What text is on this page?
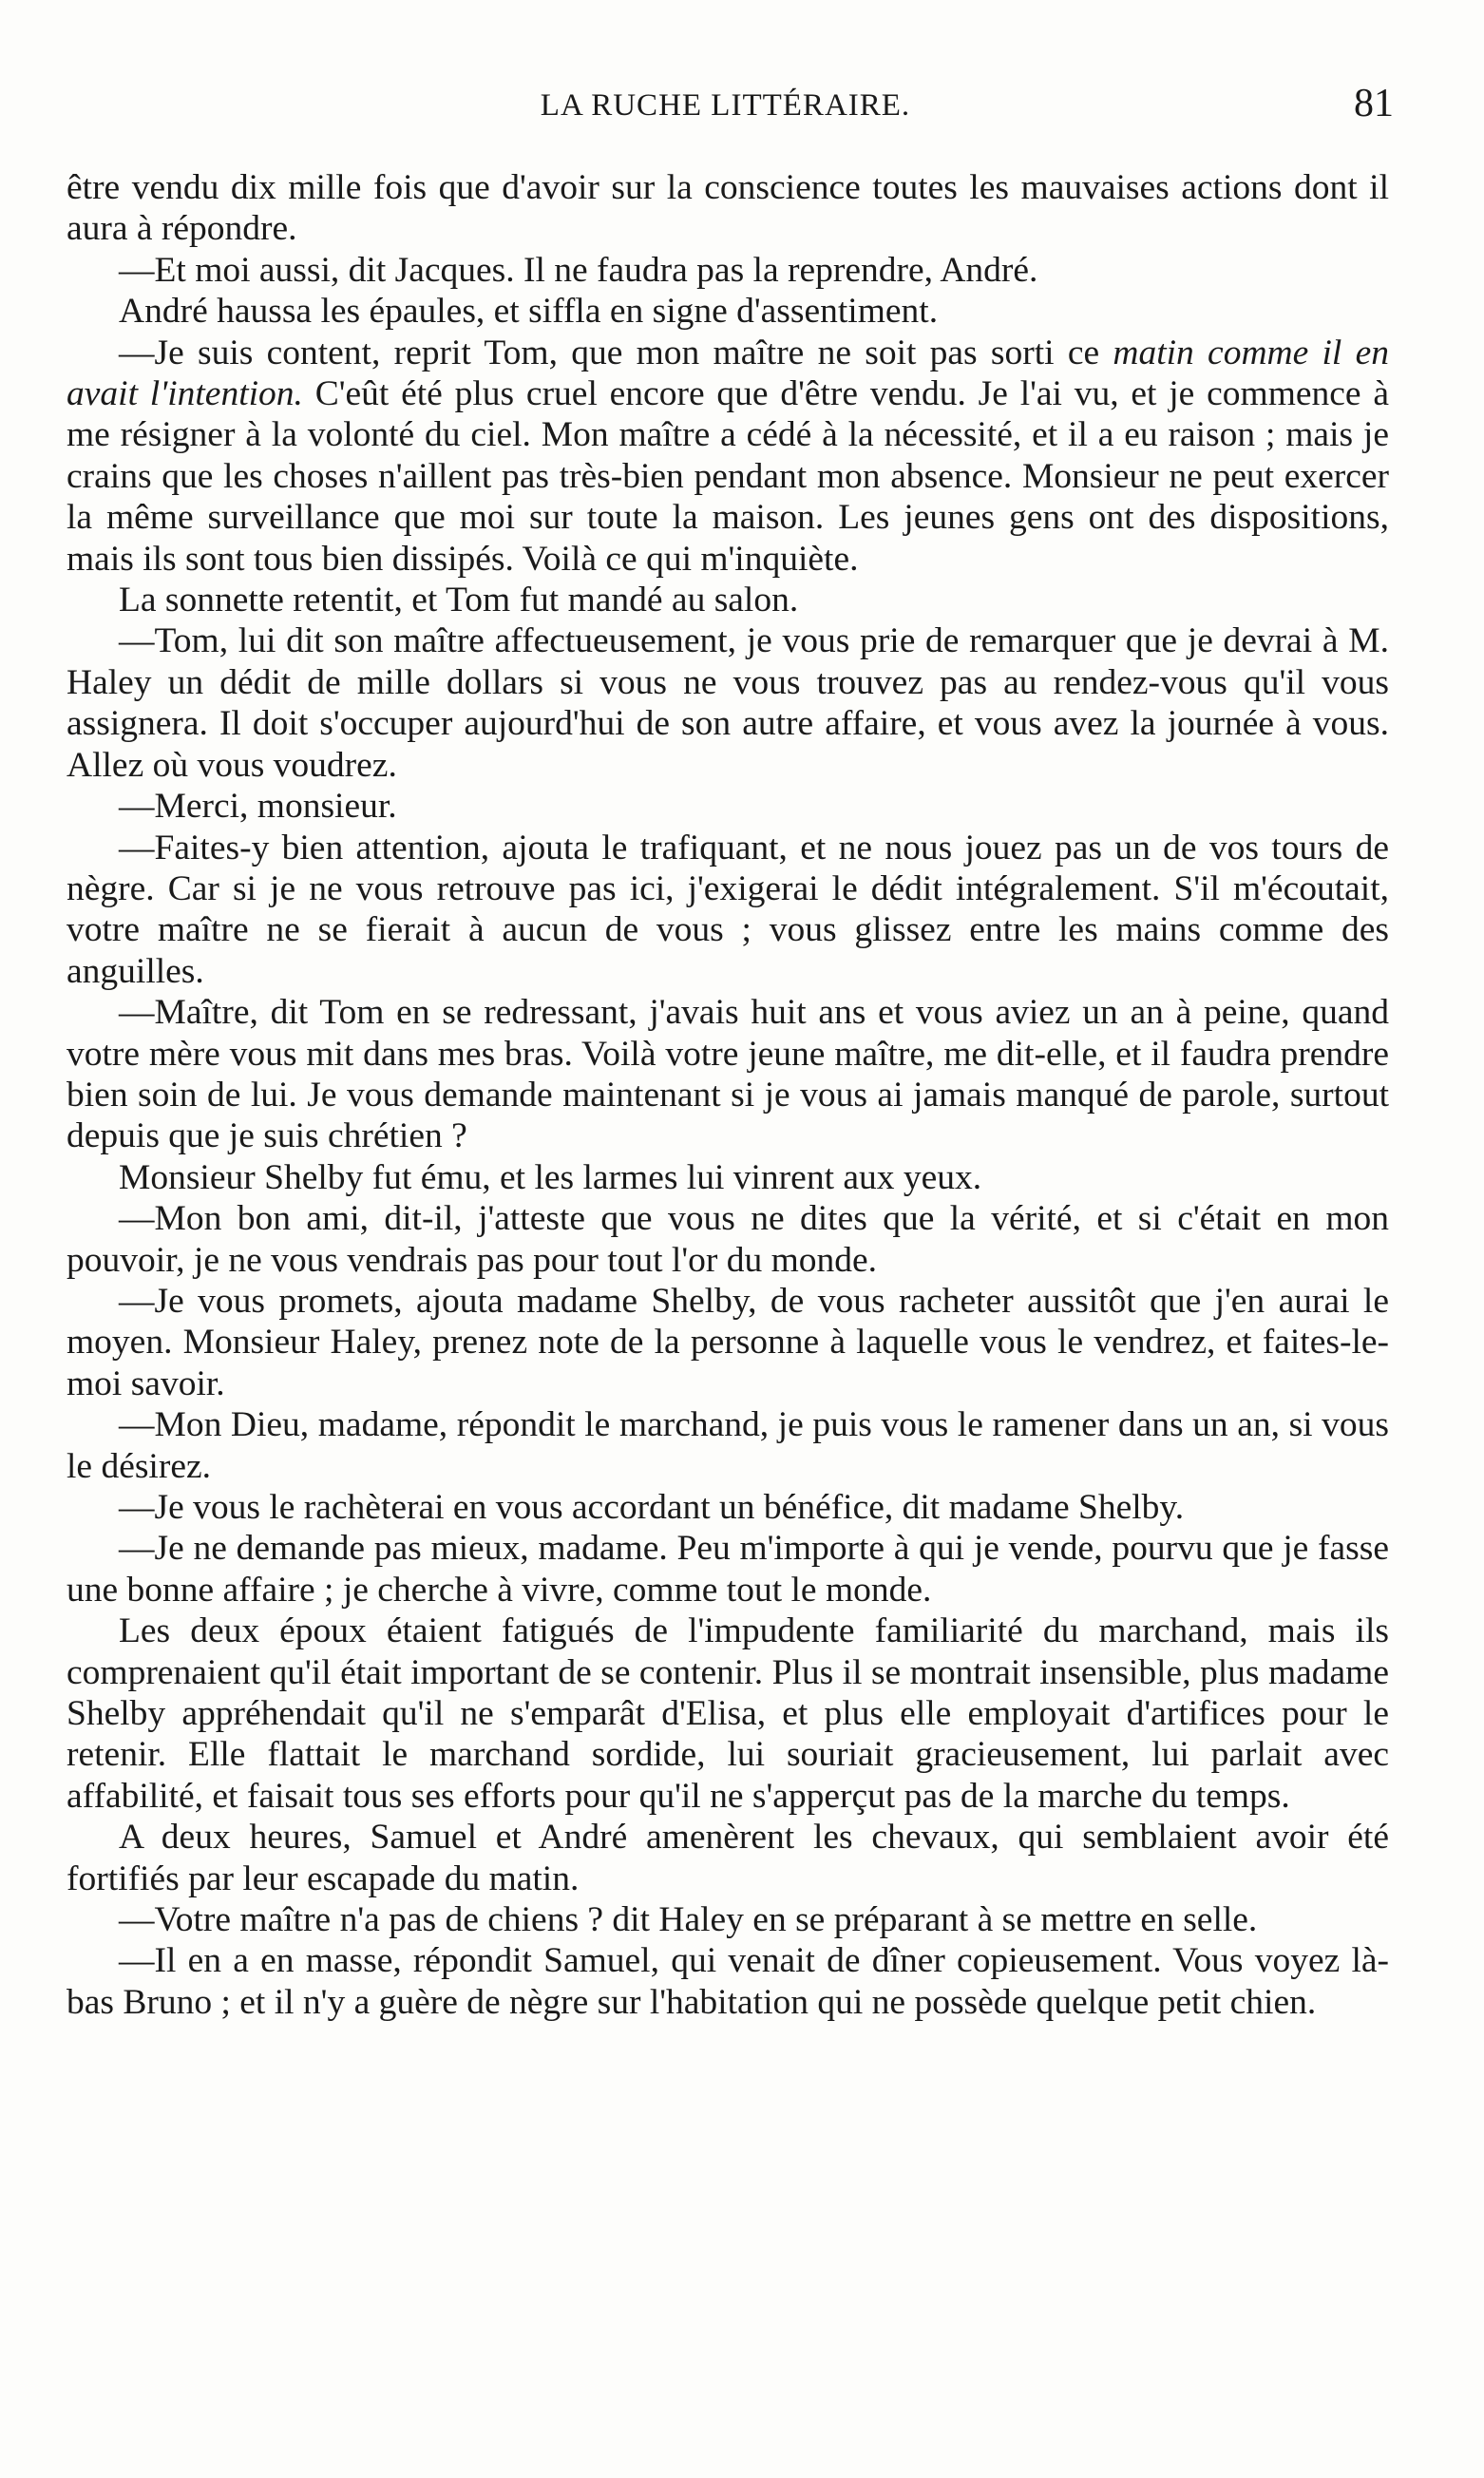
LA RUCHE LITTÉRAIRE.	81

être vendu dix mille fois que d'avoir sur la conscience toutes les mauvaises actions dont il aura à répondre.

—Et moi aussi, dit Jacques. Il ne faudra pas la reprendre, André.

André haussa les épaules, et siffla en signe d'assentiment.

—Je suis content, reprit Tom, que mon maître ne soit pas sorti ce matin comme il en avait l'intention. C'eût été plus cruel encore que d'être vendu. Je l'ai vu, et je commence à me résigner à la volonté du ciel. Mon maître a cédé à la nécessité, et il a eu raison ; mais je crains que les choses n'aillent pas très-bien pendant mon absence. Monsieur ne peut exercer la même surveillance que moi sur toute la maison. Les jeunes gens ont des dispositions, mais ils sont tous bien dissipés. Voilà ce qui m'inquiète.

La sonnette retentit, et Tom fut mandé au salon.

—Tom, lui dit son maître affectueusement, je vous prie de remarquer que je devrai à M. Haley un dédit de mille dollars si vous ne vous trouvez pas au rendez-vous qu'il vous assignera. Il doit s'occuper aujourd'hui de son autre affaire, et vous avez la journée à vous. Allez où vous voudrez.

—Merci, monsieur.

—Faites-y bien attention, ajouta le trafiquant, et ne nous jouez pas un de vos tours de nègre. Car si je ne vous retrouve pas ici, j'exigerai le dédit intégralement. S'il m'écoutait, votre maître ne se fierait à aucun de vous ; vous glissez entre les mains comme des anguilles.

—Maître, dit Tom en se redressant, j'avais huit ans et vous aviez un an à peine, quand votre mère vous mit dans mes bras. Voilà votre jeune maître, me dit-elle, et il faudra prendre bien soin de lui. Je vous demande maintenant si je vous ai jamais manqué de parole, surtout depuis que je suis chrétien ?

Monsieur Shelby fut ému, et les larmes lui vinrent aux yeux.

—Mon bon ami, dit-il, j'atteste que vous ne dites que la vérité, et si c'était en mon pouvoir, je ne vous vendrais pas pour tout l'or du monde.

—Je vous promets, ajouta madame Shelby, de vous racheter aussitôt que j'en aurai le moyen. Monsieur Haley, prenez note de la personne à laquelle vous le vendrez, et faites-le-moi savoir.

—Mon Dieu, madame, répondit le marchand, je puis vous le ramener dans un an, si vous le désirez.

—Je vous le rachèterai en vous accordant un bénéfice, dit madame Shelby.

—Je ne demande pas mieux, madame. Peu m'importe à qui je vende, pourvu que je fasse une bonne affaire ; je cherche à vivre, comme tout le monde.

Les deux époux étaient fatigués de l'impudente familiarité du marchand, mais ils comprenaient qu'il était important de se contenir. Plus il se montrait insensible, plus madame Shelby appréhendait qu'il ne s'emparât d'Elisa, et plus elle employait d'artifices pour le retenir. Elle flattait le marchand sordide, lui souriait gracieusement, lui parlait avec affabilité, et faisait tous ses efforts pour qu'il ne s'apperçut pas de la marche du temps.

A deux heures, Samuel et André amenèrent les chevaux, qui semblaient avoir été fortifiés par leur escapade du matin.

—Votre maître n'a pas de chiens ? dit Haley en se préparant à se mettre en selle.

—Il en a en masse, répondit Samuel, qui venait de dîner copieusement. Vous voyez là-bas Bruno ; et il n'y a guère de nègre sur l'habitation qui ne possède quelque petit chien.
